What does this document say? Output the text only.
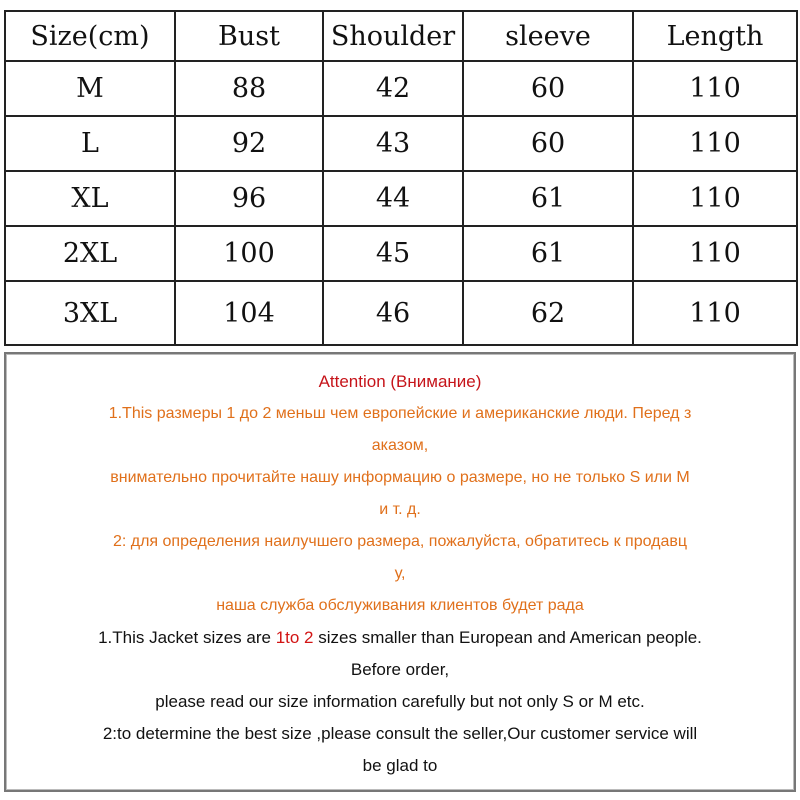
Size(cm)	Bust	Shoulder	sleeve	Length
M	88	42	60	110
L	92	43	60	110
XL	96	44	61	110
2XL	100	45	61	110
3XL	104	46	62	110

Attention (Внимание)

1.This размеры 1 до 2 меньш чем европейские и американские люди. Перед з

аказом,

внимательно прочитайте нашу информацию о размере, но не только S или M

и т. д.

2: для определения наилучшего размера, пожалуйста, обратитесь к продавц

у,

наша служба обслуживания клиентов будет рада

1.This Jacket sizes are 1to 2 sizes smaller than European and American people.

Before order,

please read our size information carefully but not only S or M etc.

2:to determine the best size ,please consult the seller,Our customer service will

be glad to
